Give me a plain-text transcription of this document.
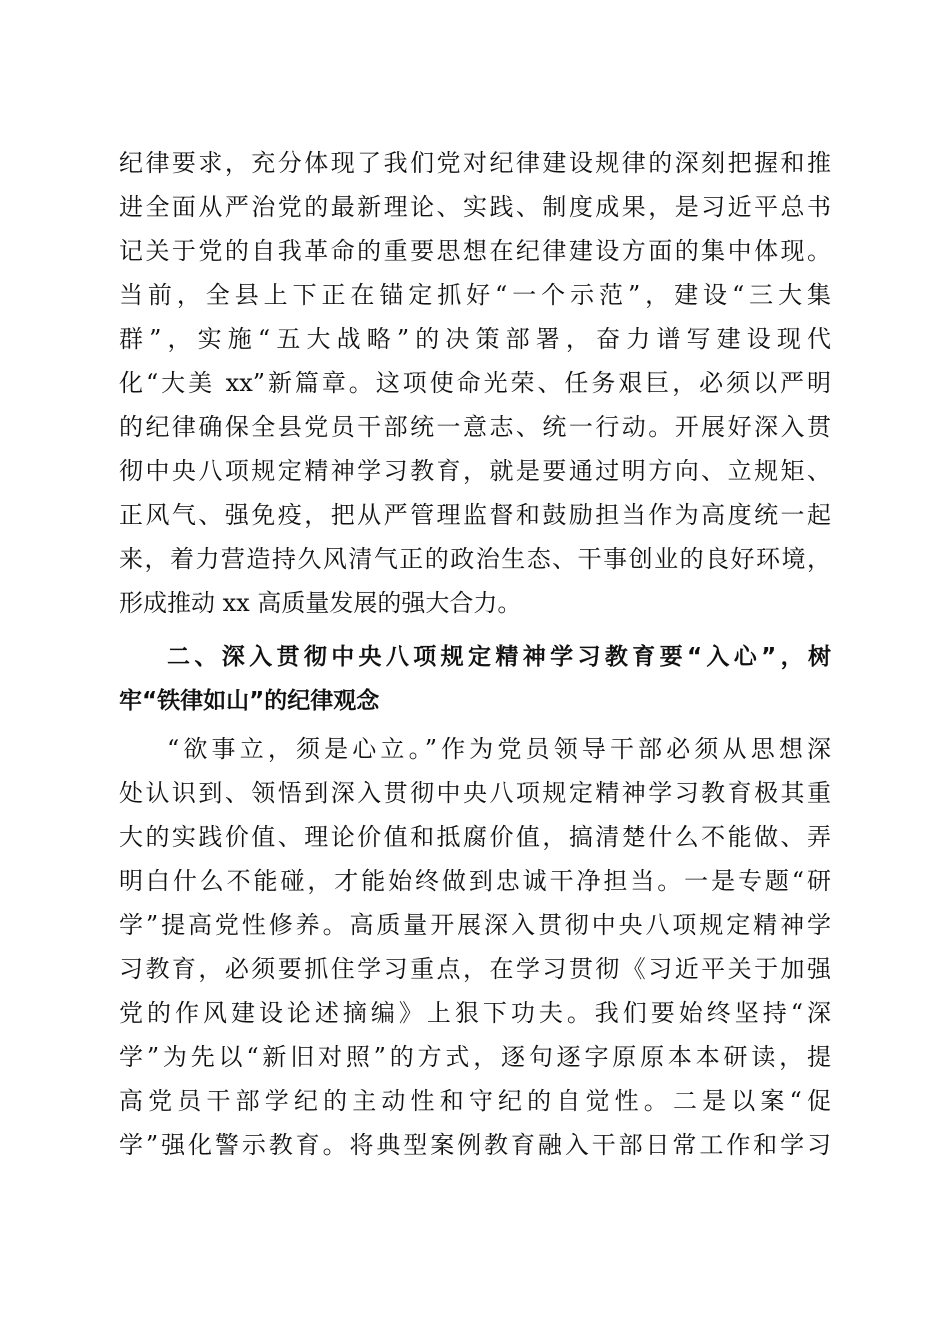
纪律要求，充分体现了我们党对纪律建设规律的深刻把握和推
进全面从严治党的最新理论、实践、制度成果，是习近平总书
记关于党的自我革命的重要思想在纪律建设方面的集中体现。
当前，全县上下正在锚定抓好“一个示范”，建设“三大集
群”，实施“五大战略”的决策部署，奋力谱写建设现代
化“大美 xx”新篇章。这项使命光荣、任务艰巨，必须以严明
的纪律确保全县党员干部统一意志、统一行动。开展好深入贯
彻中央八项规定精神学习教育，就是要通过明方向、立规矩、
正风气、强免疫，把从严管理监督和鼓励担当作为高度统一起
来，着力营造持久风清气正的政治生态、干事创业的良好环境，
形成推动 xx 高质量发展的强大合力。
二、深入贯彻中央八项规定精神学习教育要“入心”，树
牢“铁律如山”的纪律观念
“欲事立，须是心立。”作为党员领导干部必须从思想深
处认识到、领悟到深入贯彻中央八项规定精神学习教育极其重
大的实践价值、理论价值和抵腐价值，搞清楚什么不能做、弄
明白什么不能碰，才能始终做到忠诚干净担当。一是专题“研
学”提高党性修养。高质量开展深入贯彻中央八项规定精神学
习教育，必须要抓住学习重点，在学习贯彻《习近平关于加强
党的作风建设论述摘编》上狠下功夫。我们要始终坚持“深
学”为先以“新旧对照”的方式，逐句逐字原原本本研读，提
高党员干部学纪的主动性和守纪的自觉性。二是以案“促
学”强化警示教育。将典型案例教育融入干部日常工作和学习
